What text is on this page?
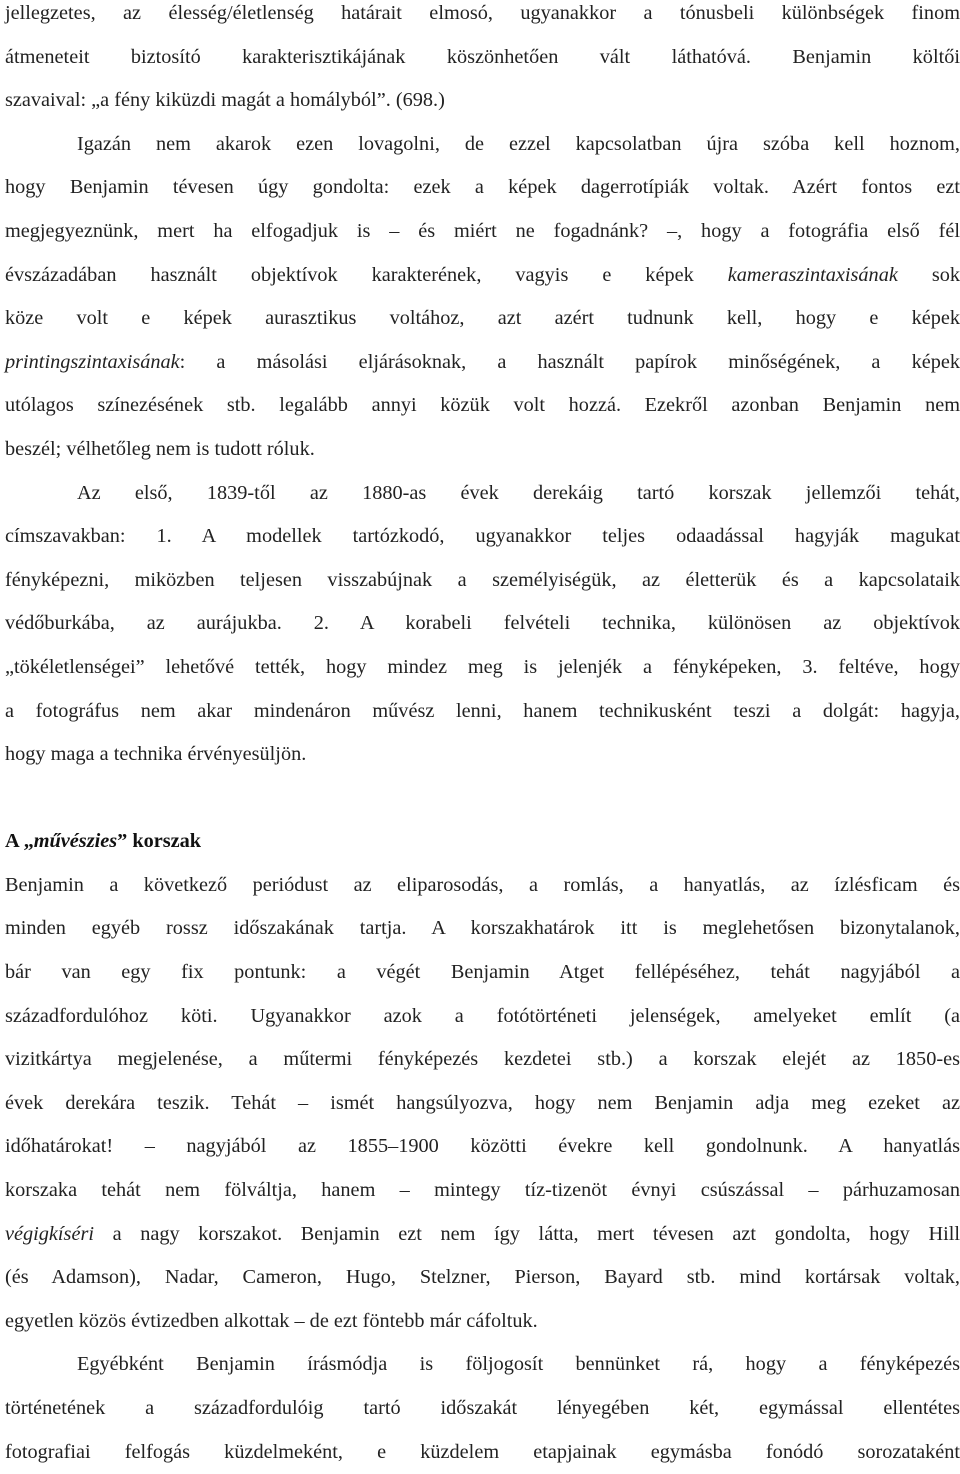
jellegzetes, az élesség/életlenség határait elmosó, ugyanakkor a tónusbeli különbségek finom
átmeneteit biztosító karakterisztikájának köszönhetően vált láthatóvá. Benjamin költői
szavaival: „a fény kiküzdi magát a homályból”. (698.)
Igazán nem akarok ezen lovagolni, de ezzel kapcsolatban újra szóba kell hoznom,
hogy Benjamin tévesen úgy gondolta: ezek a képek dagerrotípiák voltak. Azért fontos ezt
megjegyeznünk, mert ha elfogadjuk is – és miért ne fogadnánk? –, hogy a fotográfia első fél
évszázadában használt objektívok karakterének, vagyis e képek kameraszintaxisának sok
köze volt e képek aurasztikus voltához, azt azért tudnunk kell, hogy e képek
printingszintaxisának: a másolási eljárásoknak, a használt papírok minőségének, a képek
utólagos színezésének stb. legalább annyi közük volt hozzá. Ezekről azonban Benjamin nem
beszél; vélhetőleg nem is tudott róluk.
Az első, 1839-től az 1880-as évek derekáig tartó korszak jellemzői tehát,
címszavakban: 1. A modellek tartózkodó, ugyanakkor teljes odaadással hagyják magukat
fényképezni, miközben teljesen visszabújnak a személyiségük, az életterük és a kapcsolataik
védőburkába, az aurájukba. 2. A korabeli felvételi technika, különösen az objektívok
„tökéletlenségei” lehetővé tették, hogy mindez meg is jelenjék a fényképeken, 3. feltéve, hogy
a fotográfus nem akar mindenáron művész lenni, hanem technikusként teszi a dolgát: hagyja,
hogy maga a technika érvényesüljön.
A „művészies” korszak
Benjamin a következő periódust az eliparosodás, a romlás, a hanyatlás, az ízlésficam és
minden egyéb rossz időszakának tartja. A korszakhatárok itt is meglehetősen bizonytalanok,
bár van egy fix pontunk: a végét Benjamin Atget fellépéséhez, tehát nagyjából a
századfordulóhoz köti. Ugyanakkor azok a fotótörténeti jelenségek, amelyeket említ (a
vizitkártya megjelenése, a műtermi fényképezés kezdetei stb.) a korszak elejét az 1850-es
évek derekára teszik. Tehát – ismét hangsúlyozva, hogy nem Benjamin adja meg ezeket az
időhatárokat! – nagyjából az 1855–1900 közötti évekre kell gondolnunk. A hanyatlás
korszaka tehát nem fölváltja, hanem – mintegy tíz-tizenöt évnyi csúszással – párhuzamosan
végigkíséri a nagy korszakot. Benjamin ezt nem így látta, mert tévesen azt gondolta, hogy Hill
(és Adamson), Nadar, Cameron, Hugo, Stelzner, Pierson, Bayard stb. mind kortársak voltak,
egyetlen közös évtizedben alkottak – de ezt föntebb már cáfoltuk.
Egyébként Benjamin írásmódja is följogosít bennünket rá, hogy a fényképezés
történetének a századfordulóig tartó időszakát lényegében két, egymással ellentétes
fotografiai felfogás küzdelmeként, e küzdelem etapjainak egymásba fonódó sorozataként
